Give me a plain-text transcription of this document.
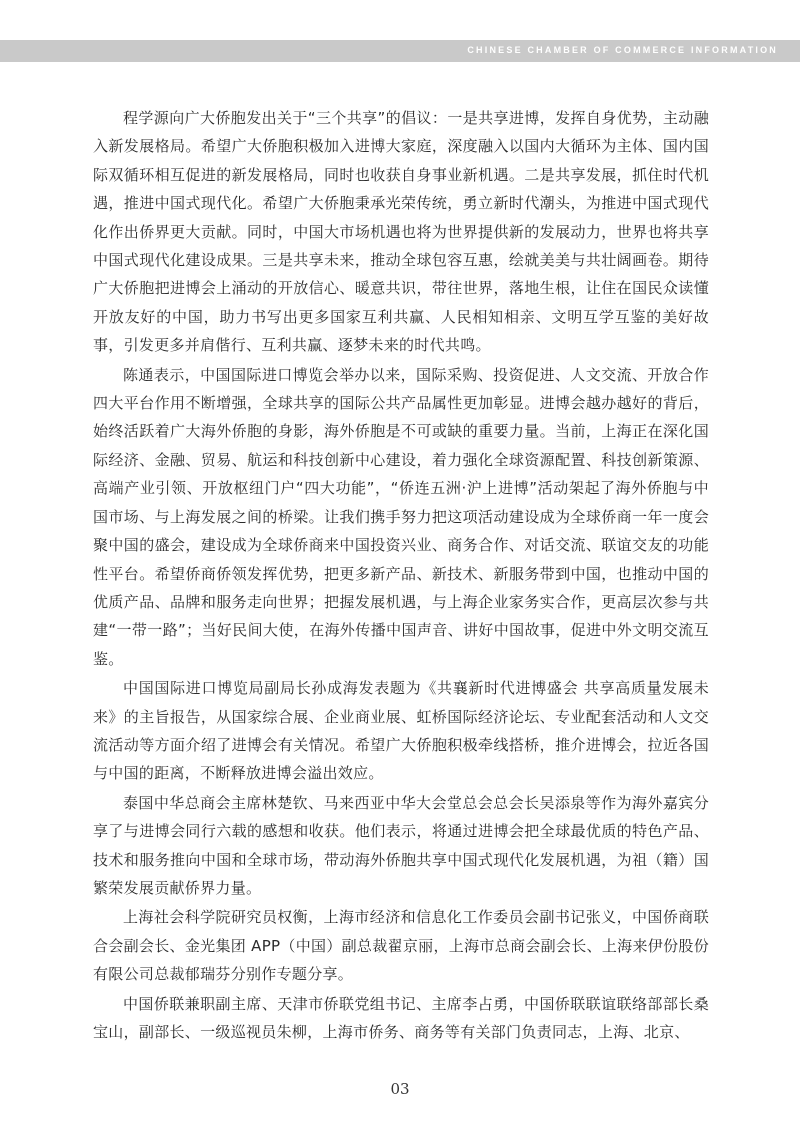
CHINESE CHAMBER OF COMMERCE INFORMATION

程学源向广大侨胞发出关于“三个共享”的倡议：一是共享进博，发挥自身优势，主动融入新发展格局。希望广大侨胞积极加入进博大家庭，深度融入以国内大循环为主体、国内国际双循环相互促进的新发展格局，同时也收获自身事业新机遇。二是共享发展，抓住时代机遇，推进中国式现代化。希望广大侨胞秉承光荣传统，勇立新时代潮头，为推进中国式现代化作出侨界更大贡献。同时，中国大市场机遇也将为世界提供新的发展动力，世界也将共享中国式现代化建设成果。三是共享未来，推动全球包容互惠，绘就美美与共壮阔画卷。期待广大侨胞把进博会上涌动的开放信心、暖意共识，带往世界，落地生根，让住在国民众读懂开放友好的中国，助力书写出更多国家互利共赢、人民相知相亲、文明互学互鉴的美好故事，引发更多并肩偕行、互利共赢、逐梦未来的时代共鸣。

陈通表示，中国国际进口博览会举办以来，国际采购、投资促进、人文交流、开放合作四大平台作用不断增强，全球共享的国际公共产品属性更加彰显。进博会越办越好的背后，始终活跃着广大海外侨胞的身影，海外侨胞是不可或缺的重要力量。当前，上海正在深化国际经济、金融、贸易、航运和科技创新中心建设，着力强化全球资源配置、科技创新策源、高端产业引领、开放枢纽门户“四大功能”，“侨连五洲·沪上进博”活动架起了海外侨胞与中国市场、与上海发展之间的桥梁。让我们携手努力把这项活动建设成为全球侨商一年一度会聚中国的盛会，建设成为全球侨商来中国投资兴业、商务合作、对话交流、联谊交友的功能性平台。希望侨商侨领发挥优势，把更多新产品、新技术、新服务带到中国，也推动中国的优质产品、品牌和服务走向世界；把握发展机遇，与上海企业家务实合作，更高层次参与共建“一带一路”；当好民间大使，在海外传播中国声音、讲好中国故事，促进中外文明交流互鉴。

中国国际进口博览局副局长孙成海发表题为《共襄新时代进博盛会 共享高质量发展未来》的主旨报告，从国家综合展、企业商业展、虹桥国际经济论坛、专业配套活动和人文交流活动等方面介绍了进博会有关情况。希望广大侨胞积极牵线搭桥，推介进博会，拉近各国与中国的距离，不断释放进博会溢出效应。

泰国中华总商会主席林楚钦、马来西亚中华大会堂总会总会长吴添泉等作为海外嘉宾分享了与进博会同行六载的感想和收获。他们表示，将通过进博会把全球最优质的特色产品、技术和服务推向中国和全球市场，带动海外侨胞共享中国式现代化发展机遇，为祖（籍）国繁荣发展贡献侨界力量。

上海社会科学院研究员权衡，上海市经济和信息化工作委员会副书记张义，中国侨商联合会副会长、金光集团 APP（中国）副总裁翟京丽，上海市总商会副会长、上海来伊份股份有限公司总裁郁瑞芬分别作专题分享。

中国侨联兼职副主席、天津市侨联党组书记、主席李占勇，中国侨联联谊联络部部长桑宝山，副部长、一级巡视员朱柳，上海市侨务、商务等有关部门负责同志，上海、北京、

03
